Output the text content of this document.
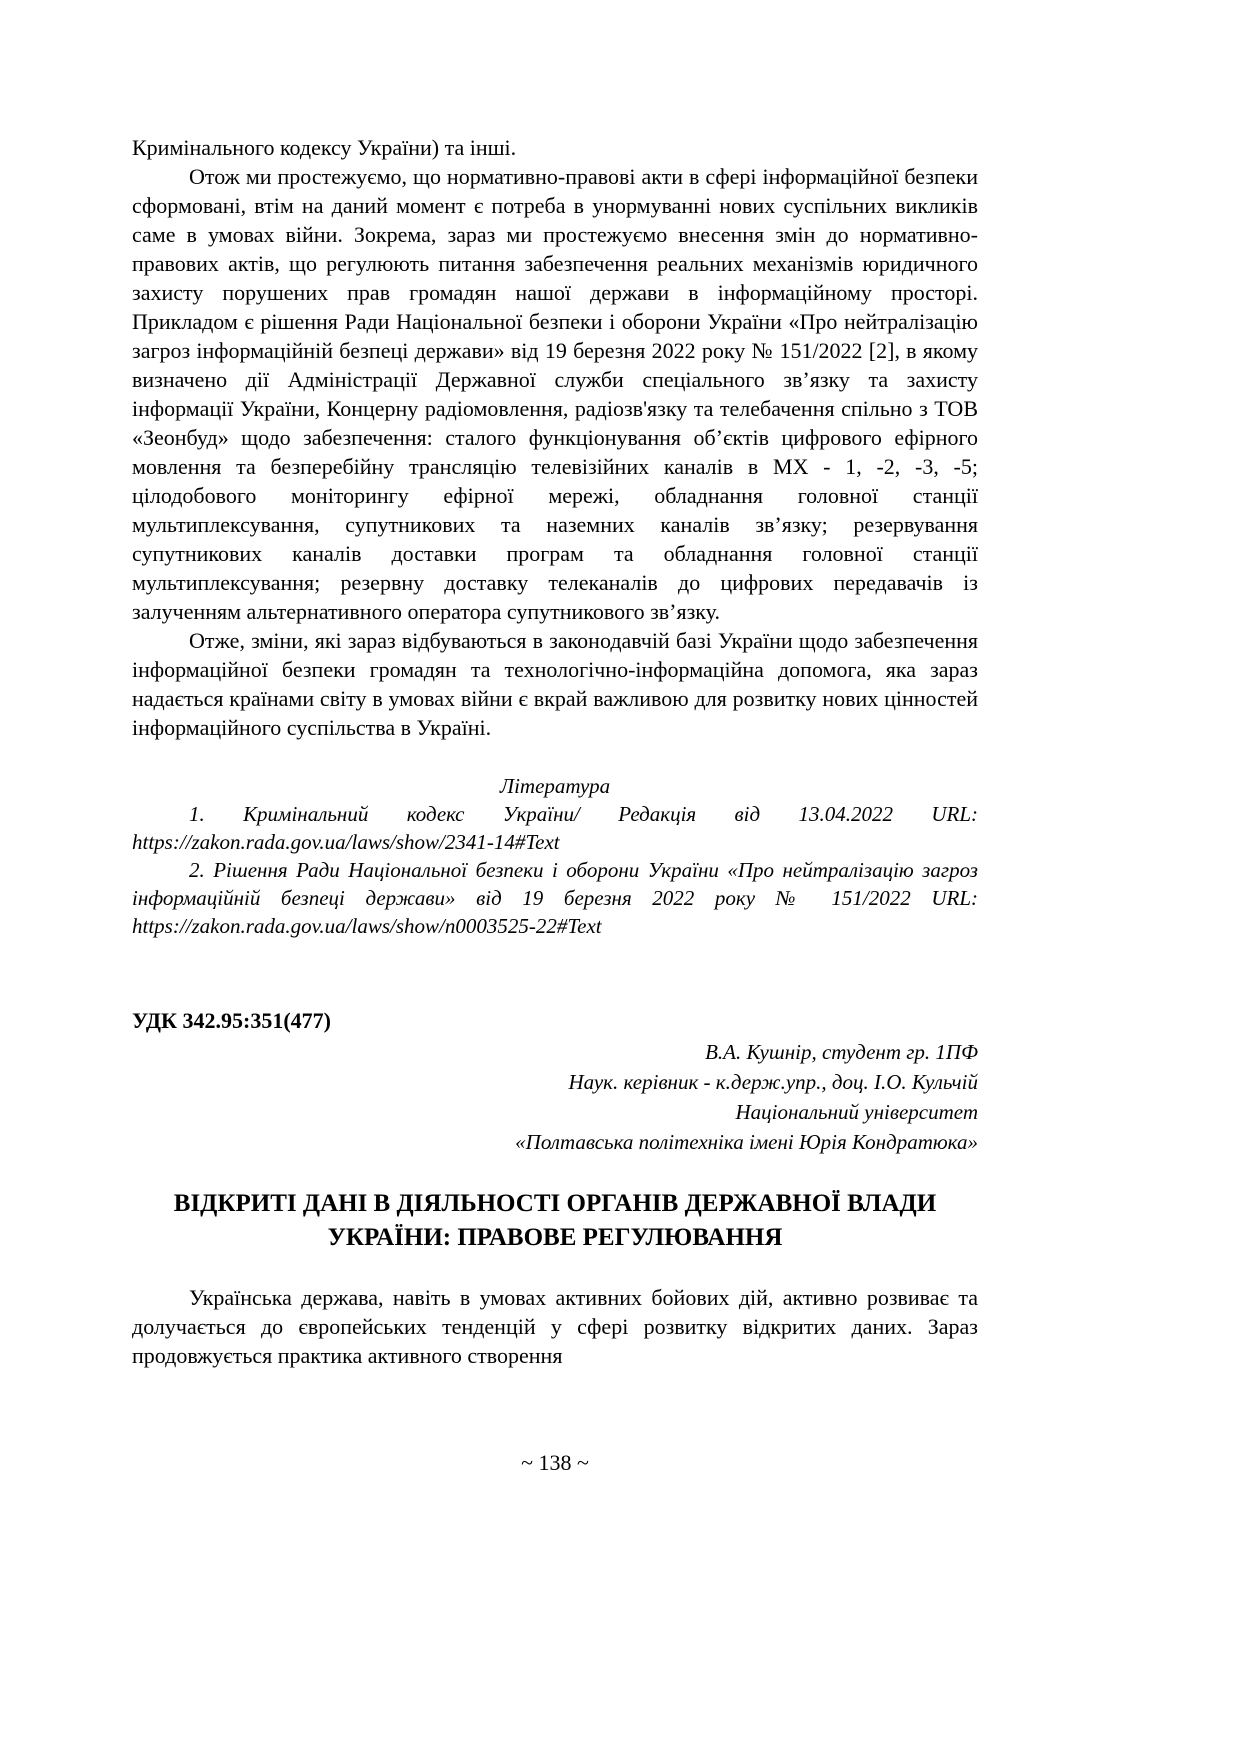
Кримінального кодексу України) та інші.

Отож ми простежуємо, що нормативно-правові акти в сфері інформаційної безпеки сформовані, втім на даний момент є потреба в унормуванні нових суспільних викликів саме в умовах війни. Зокрема, зараз ми простежуємо внесення змін до нормативно-правових актів, що регулюють питання забезпечення реальних механізмів юридичного захисту порушених прав громадян нашої держави в інформаційному просторі. Прикладом є рішення Ради Національної безпеки і оборони України «Про нейтралізацію загроз інформаційній безпеці держави» від 19 березня 2022 року № 151/2022 [2], в якому визначено дії Адміністрації Державної служби спеціального зв’язку та захисту інформації України, Концерну радіомовлення, радіозв'язку та телебачення спільно з ТОВ «Зеонбуд» щодо забезпечення: сталого функціонування об’єктів цифрового ефірного мовлення та безперебійну трансляцію телевізійних каналів в МХ - 1, -2, -3, -5; цілодобового моніторингу ефірної мережі, обладнання головної станції мультиплексування, супутникових та наземних каналів зв’язку; резервування супутникових каналів доставки програм та обладнання головної станції мультиплексування; резервну доставку телеканалів до цифрових передавачів із залученням альтернативного оператора супутникового зв’язку.

Отже, зміни, які зараз відбуваються в законодавчій базі України щодо забезпечення інформаційної безпеки громадян та технологічно-інформаційна допомога, яка зараз надається країнами світу в умовах війни є вкрай важливою для розвитку нових цінностей інформаційного суспільства в Україні.

Література

1. Кримінальний кодекс України/ Редакція від 13.04.2022 URL: https://zakon.rada.gov.ua/laws/show/2341-14#Text

2. Рішення Ради Національної безпеки і оборони України «Про нейтралізацію загроз інформаційній безпеці держави» від 19 березня 2022 року № 151/2022 URL: https://zakon.rada.gov.ua/laws/show/n0003525-22#Text

УДК 342.95:351(477)

В.А. Кушнір, студент гр. 1ПФ

Наук. керівник - к.держ.упр., доц. І.О. Кульчій

Національний університет

«Полтавська політехніка імені Юрія Кондратюка»

ВІДКРИТІ ДАНІ В ДІЯЛЬНОСТІ ОРГАНІВ ДЕРЖАВНОЇ ВЛАДИ УКРАЇНИ: ПРАВОВЕ РЕГУЛЮВАННЯ

Українська держава, навіть в умовах активних бойових дій, активно розвиває та долучається до європейських тенденцій у сфері розвитку відкритих даних. Зараз продовжується практика активного створення

~ 138 ~
